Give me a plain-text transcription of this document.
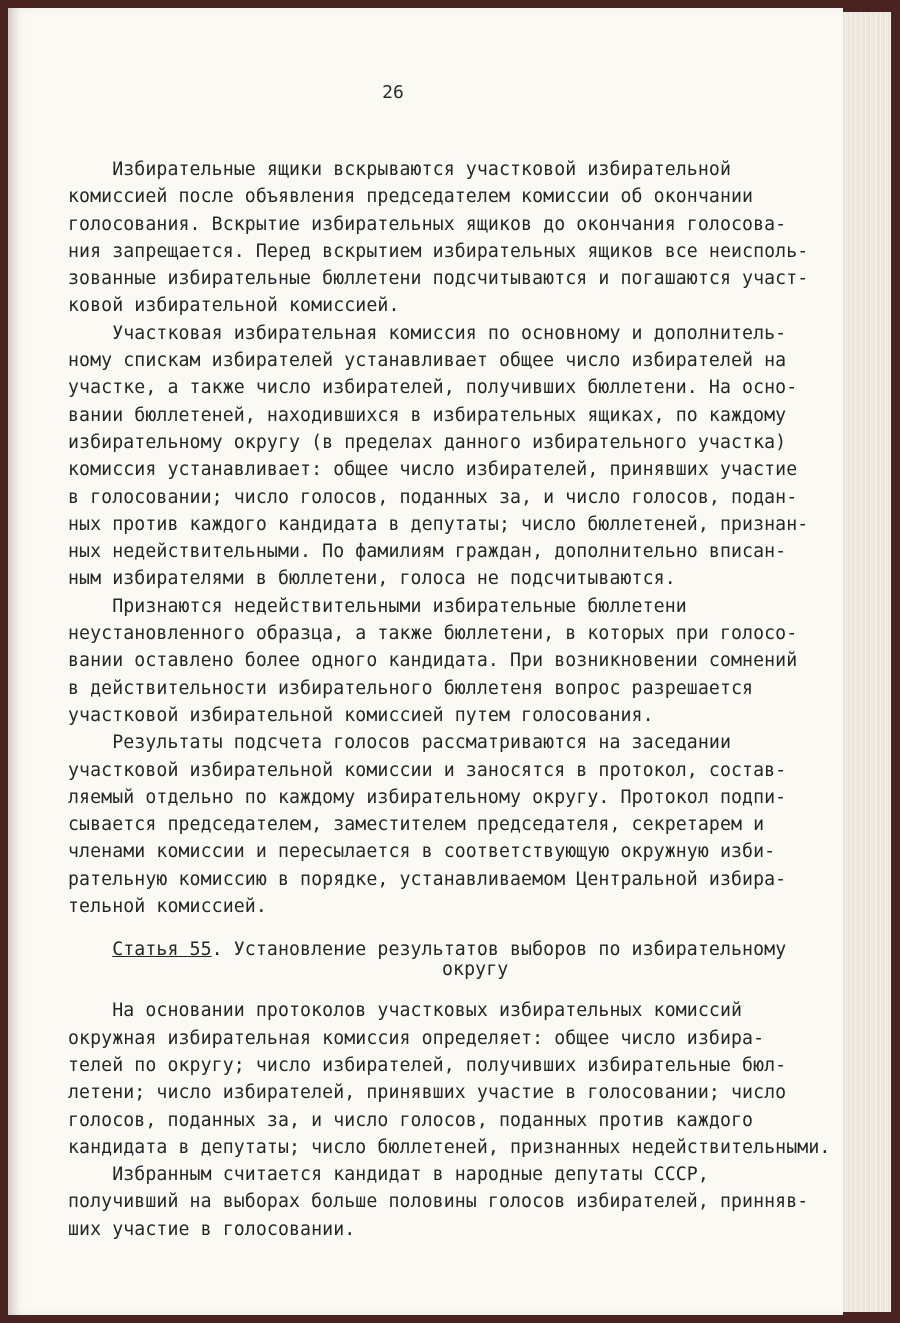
26
Избирательные ящики вскрываются участковой избирательной
комиссией после объявления председателем комиссии об окончании
голосования. Вскрытие избирательных ящиков до окончания голосова-
ния запрещается. Перед вскрытием избирательных ящиков все неисполь-
зованные избирательные бюллетени подсчитываются и погашаются участ-
ковой избирательной комиссией.
Участковая избирательная комиссия по основному и дополнитель-
ному спискам избирателей устанавливает общее число избирателей на
участке, а также число избирателей, получивших бюллетени. На осно-
вании бюллетеней, находившихся в избирательных ящиках, по каждому
избирательному округу (в пределах данного избирательного участка)
комиссия устанавливает: общее число избирателей, принявших участие
в голосовании; число голосов, поданных за, и число голосов, подан-
ных против каждого кандидата в депутаты; число бюллетеней, признан-
ных недействительными. По фамилиям граждан, дополнительно вписан-
ным избирателями в бюллетени, голоса не подсчитываются.
Признаются недействительными избирательные бюллетени
неустановленного образца, а также бюллетени, в которых при голосо-
вании оставлено более одного кандидата. При возникновении сомнений
в действительности избирательного бюллетеня вопрос разрешается
участковой избирательной комиссией путем голосования.
Результаты подсчета голосов рассматриваются на заседании
участковой избирательной комиссии и заносятся в протокол, состав-
ляемый отдельно по каждому избирательному округу. Протокол подпи-
сывается председателем, заместителем председателя, секретарем и
членами комиссии и пересылается в соответствующую окружную изби-
рательную комиссию в порядке, устанавливаемом Центральной избира-
тельной комиссией.
Статья 55. Установление результатов выборов по избирательному
округу
На основании протоколов участковых избирательных комиссий
окружная избирательная комиссия определяет: общее число избира-
телей по округу; число избирателей, получивших избирательные бюл-
летени; число избирателей, принявших участие в голосовании; число
голосов, поданных за, и число голосов, поданных против каждого
кандидата в депутаты; число бюллетеней, признанных недействительными.
Избранным считается кандидат в народные депутаты СССР,
получивший на выборах больше половины голосов избирателей, принняв-
ших участие в голосовании.
